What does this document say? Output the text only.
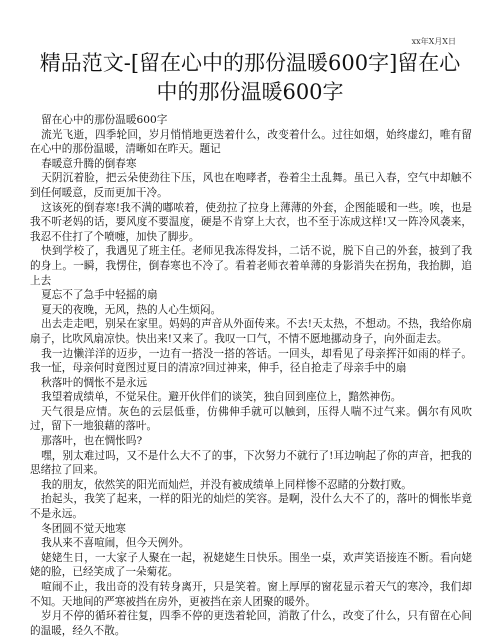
xx年X月X日
精品范文-[留在心中的那份温暖600字]留在心中的那份温暖600字

留在心中的那份温暖600字

流光飞逝，四季轮回，岁月悄悄地更迭着什么，改变着什么。过往如烟，始终虚幻，唯有留在心中的那份温暖，清晰如在昨天。题记

春暖意升腾的倒春寒

天阴沉着脸，把云朵使劲往下压，风也在咆哮者，卷着尘土乱舞。虽已入春，空气中却触不到任何暖意，反而更加干冷。

这该死的倒春寒!我不满的嘟哝着，使劲拉了拉身上薄薄的外套，企图能暖和一些。唉，也是我不听老妈的话，要风度不要温度，硬是不肯穿上大衣，也不至于冻成这样!又一阵冷风袭来，我忍不住打了个喷嚏，加快了脚步。

快到学校了，我遇见了班主任。老师见我冻得发抖，二话不说，脱下自己的外套，披到了我的身上。一瞬，我愣住，倒春寒也不冷了。看着老师衣着单薄的身影消失在拐角，我抬脚，追上去

夏忘不了急手中轻摇的扇

夏天的夜晚，无风，热的人心生烦闷。

出去走走吧，别呆在家里。妈妈的声音从外面传来。不去!天太热，不想动。不热，我给你扇扇子，比吹风扇凉快。快出来!又来了。我叹一口气，不情不愿地挪动身子，向外面走去。

我一边懒洋洋的迈步，一边有一搭没一搭的答话。一回头，却看见了母亲挥汗如雨的样子。我一怔，母亲何时竟图过夏日的清凉?回过神来，伸手，径自抢走了母亲手中的扇

秋落叶的惆怅不是永远

我望着成绩单，不觉呆住。避开伙伴们的谈笑，独自回到座位上，黯然神伤。

天气很是应情。灰色的云层低垂，仿佛伸手就可以触到，压得人喘不过气来。偶尔有风吹过，留下一地狼藉的落叶。

那落叶，也在惆怅吗?

嘿，别太难过吗，又不是什么大不了的事，下次努力不就行了!耳边响起了你的声音，把我的思绪拉了回来。

我的朋友，依然笑的阳光而灿烂，并没有被成绩单上同样惨不忍睹的分数打败。

抬起头，我笑了起来，一样的阳光的灿烂的笑容。是啊，没什么大不了的，落叶的惆怅毕竟不是永远。

冬团圆不觉天地寒

我从来不喜喧闹，但今天例外。

姥姥生日，一大家子人聚在一起，祝姥姥生日快乐。围坐一桌，欢声笑语接连不断。看向姥姥的脸，已经笑成了一朵菊花。

喧闹不止，我出奇的没有转身离开，只是笑着。窗上厚厚的窗花显示着天气的寒冷，我们却不知。天地间的严寒被挡在房外，更被挡在亲人团聚的暖外。

岁月不停的循环着往复，四季不停的更迭着轮回，消散了什么，改变了什么，只有留在心间的温暖，经久不散。
